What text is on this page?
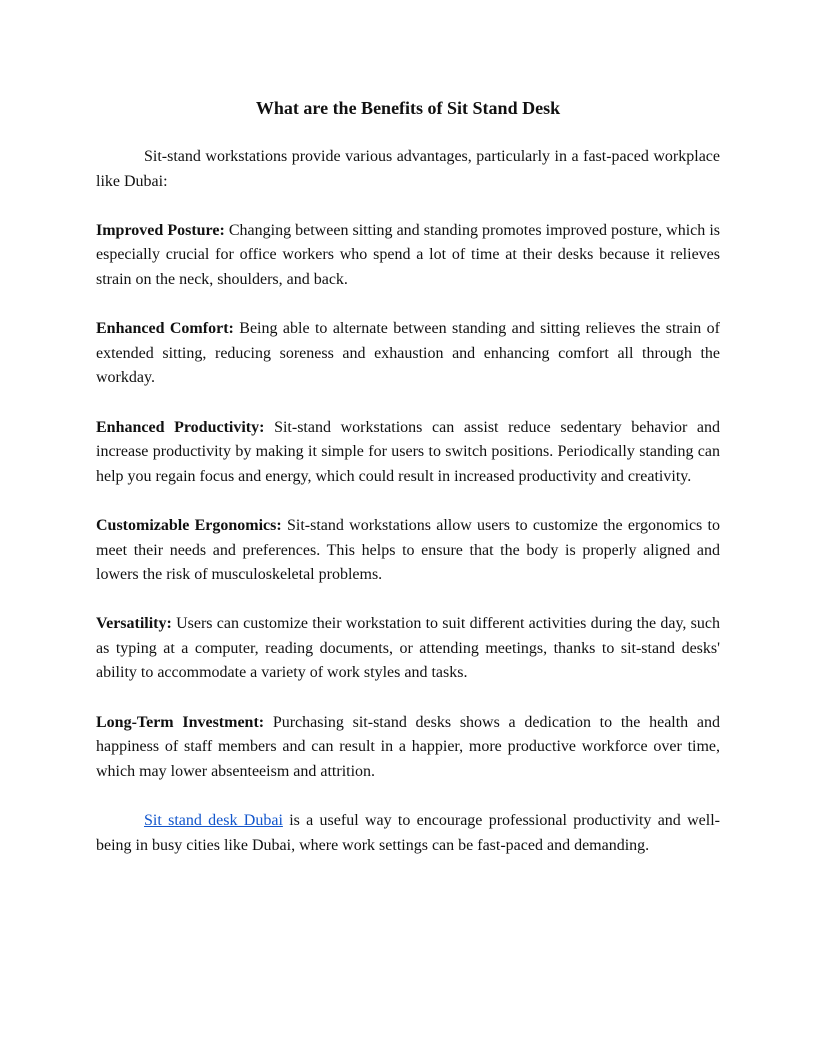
What are the Benefits of Sit Stand Desk

Sit-stand workstations provide various advantages, particularly in a fast-paced workplace like Dubai:

Improved Posture: Changing between sitting and standing promotes improved posture, which is especially crucial for office workers who spend a lot of time at their desks because it relieves strain on the neck, shoulders, and back.

Enhanced Comfort: Being able to alternate between standing and sitting relieves the strain of extended sitting, reducing soreness and exhaustion and enhancing comfort all through the workday.

Enhanced Productivity: Sit-stand workstations can assist reduce sedentary behavior and increase productivity by making it simple for users to switch positions. Periodically standing can help you regain focus and energy, which could result in increased productivity and creativity.

Customizable Ergonomics: Sit-stand workstations allow users to customize the ergonomics to meet their needs and preferences. This helps to ensure that the body is properly aligned and lowers the risk of musculoskeletal problems.

Versatility: Users can customize their workstation to suit different activities during the day, such as typing at a computer, reading documents, or attending meetings, thanks to sit-stand desks' ability to accommodate a variety of work styles and tasks.

Long-Term Investment: Purchasing sit-stand desks shows a dedication to the health and happiness of staff members and can result in a happier, more productive workforce over time, which may lower absenteeism and attrition.

Sit stand desk Dubai is a useful way to encourage professional productivity and well-being in busy cities like Dubai, where work settings can be fast-paced and demanding.
